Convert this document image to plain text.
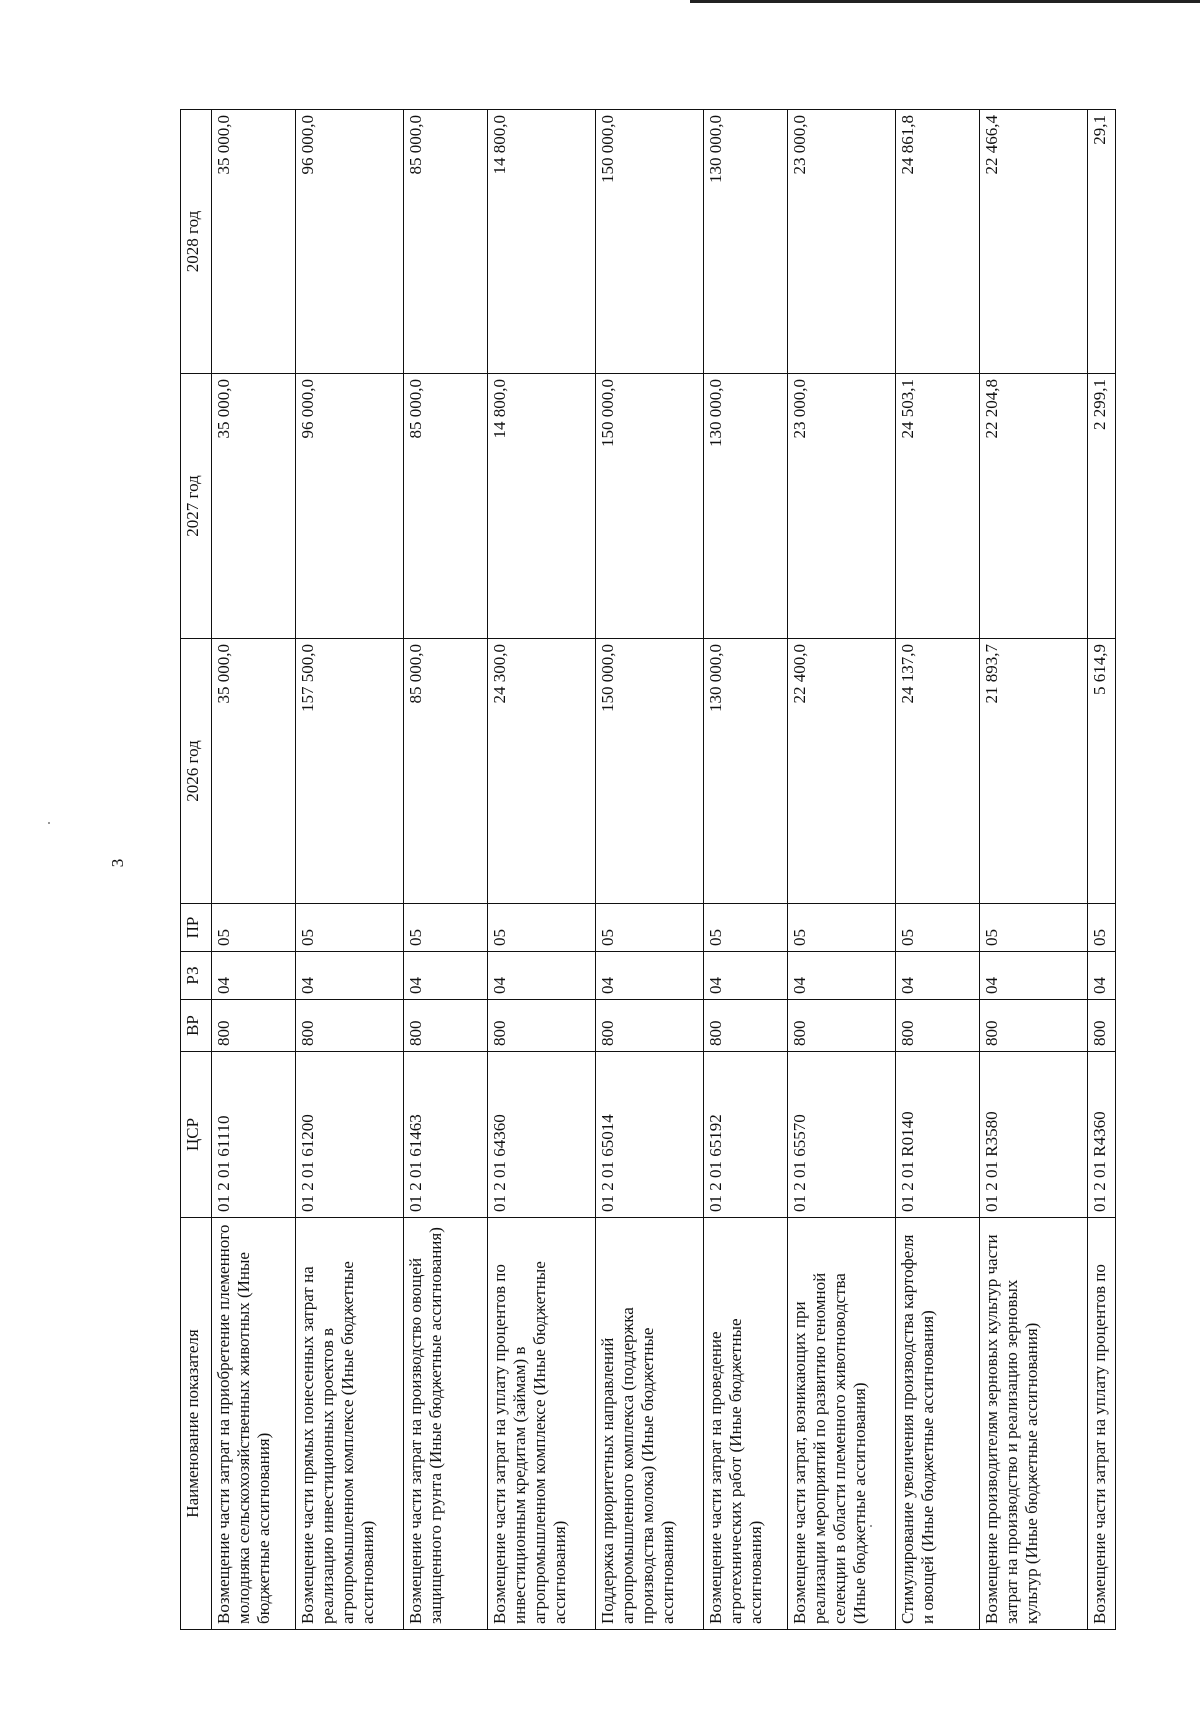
3
Наименование показателя	ЦСР	ВР	РЗ	ПР	2026 год	2027 год	2028 год
Возмещение части затрат на приобретение племенного молодняка сельскохозяйственных животных (Иные бюджетные ассигнования)	01 2 01 61110	800	04	05	35 000,0	35 000,0	35 000,0
Возмещение части прямых понесенных затрат на реализацию инвестиционных проектов в агропромышленном комплексе (Иные бюджетные ассигнования)	01 2 01 61200	800	04	05	157 500,0	96 000,0	96 000,0
Возмещение части затрат на производство овощей защищенного грунта (Иные бюджетные ассигнования)	01 2 01 61463	800	04	05	85 000,0	85 000,0	85 000,0
Возмещение части затрат на уплату процентов по инвестиционным кредитам (займам) в агропромышленном комплексе (Иные бюджетные ассигнования)	01 2 01 64360	800	04	05	24 300,0	14 800,0	14 800,0
Поддержка приоритетных направлений агропромышленного комплекса (поддержка производства молока) (Иные бюджетные ассигнования)	01 2 01 65014	800	04	05	150 000,0	150 000,0	150 000,0
Возмещение части затрат на проведение агротехнических работ (Иные бюджетные ассигнования)	01 2 01 65192	800	04	05	130 000,0	130 000,0	130 000,0
Возмещение части затрат, возникающих при реализации мероприятий по развитию геномной селекции в области племенного животноводства (Иные бюджетные ассигнования)	01 2 01 65570	800	04	05	22 400,0	23 000,0	23 000,0
Стимулирование увеличения производства картофеля и овощей (Иные бюджетные ассигнования)	01 2 01 R0140	800	04	05	24 137,0	24 503,1	24 861,8
Возмещение производителям зерновых культур части затрат на производство и реализацию зерновых культур (Иные бюджетные ассигнования)	01 2 01 R3580	800	04	05	21 893,7	22 204,8	22 466,4
Возмещение части затрат на уплату процентов по	01 2 01 R4360	800	04	05	5 614,9	2 299,1	29,1
